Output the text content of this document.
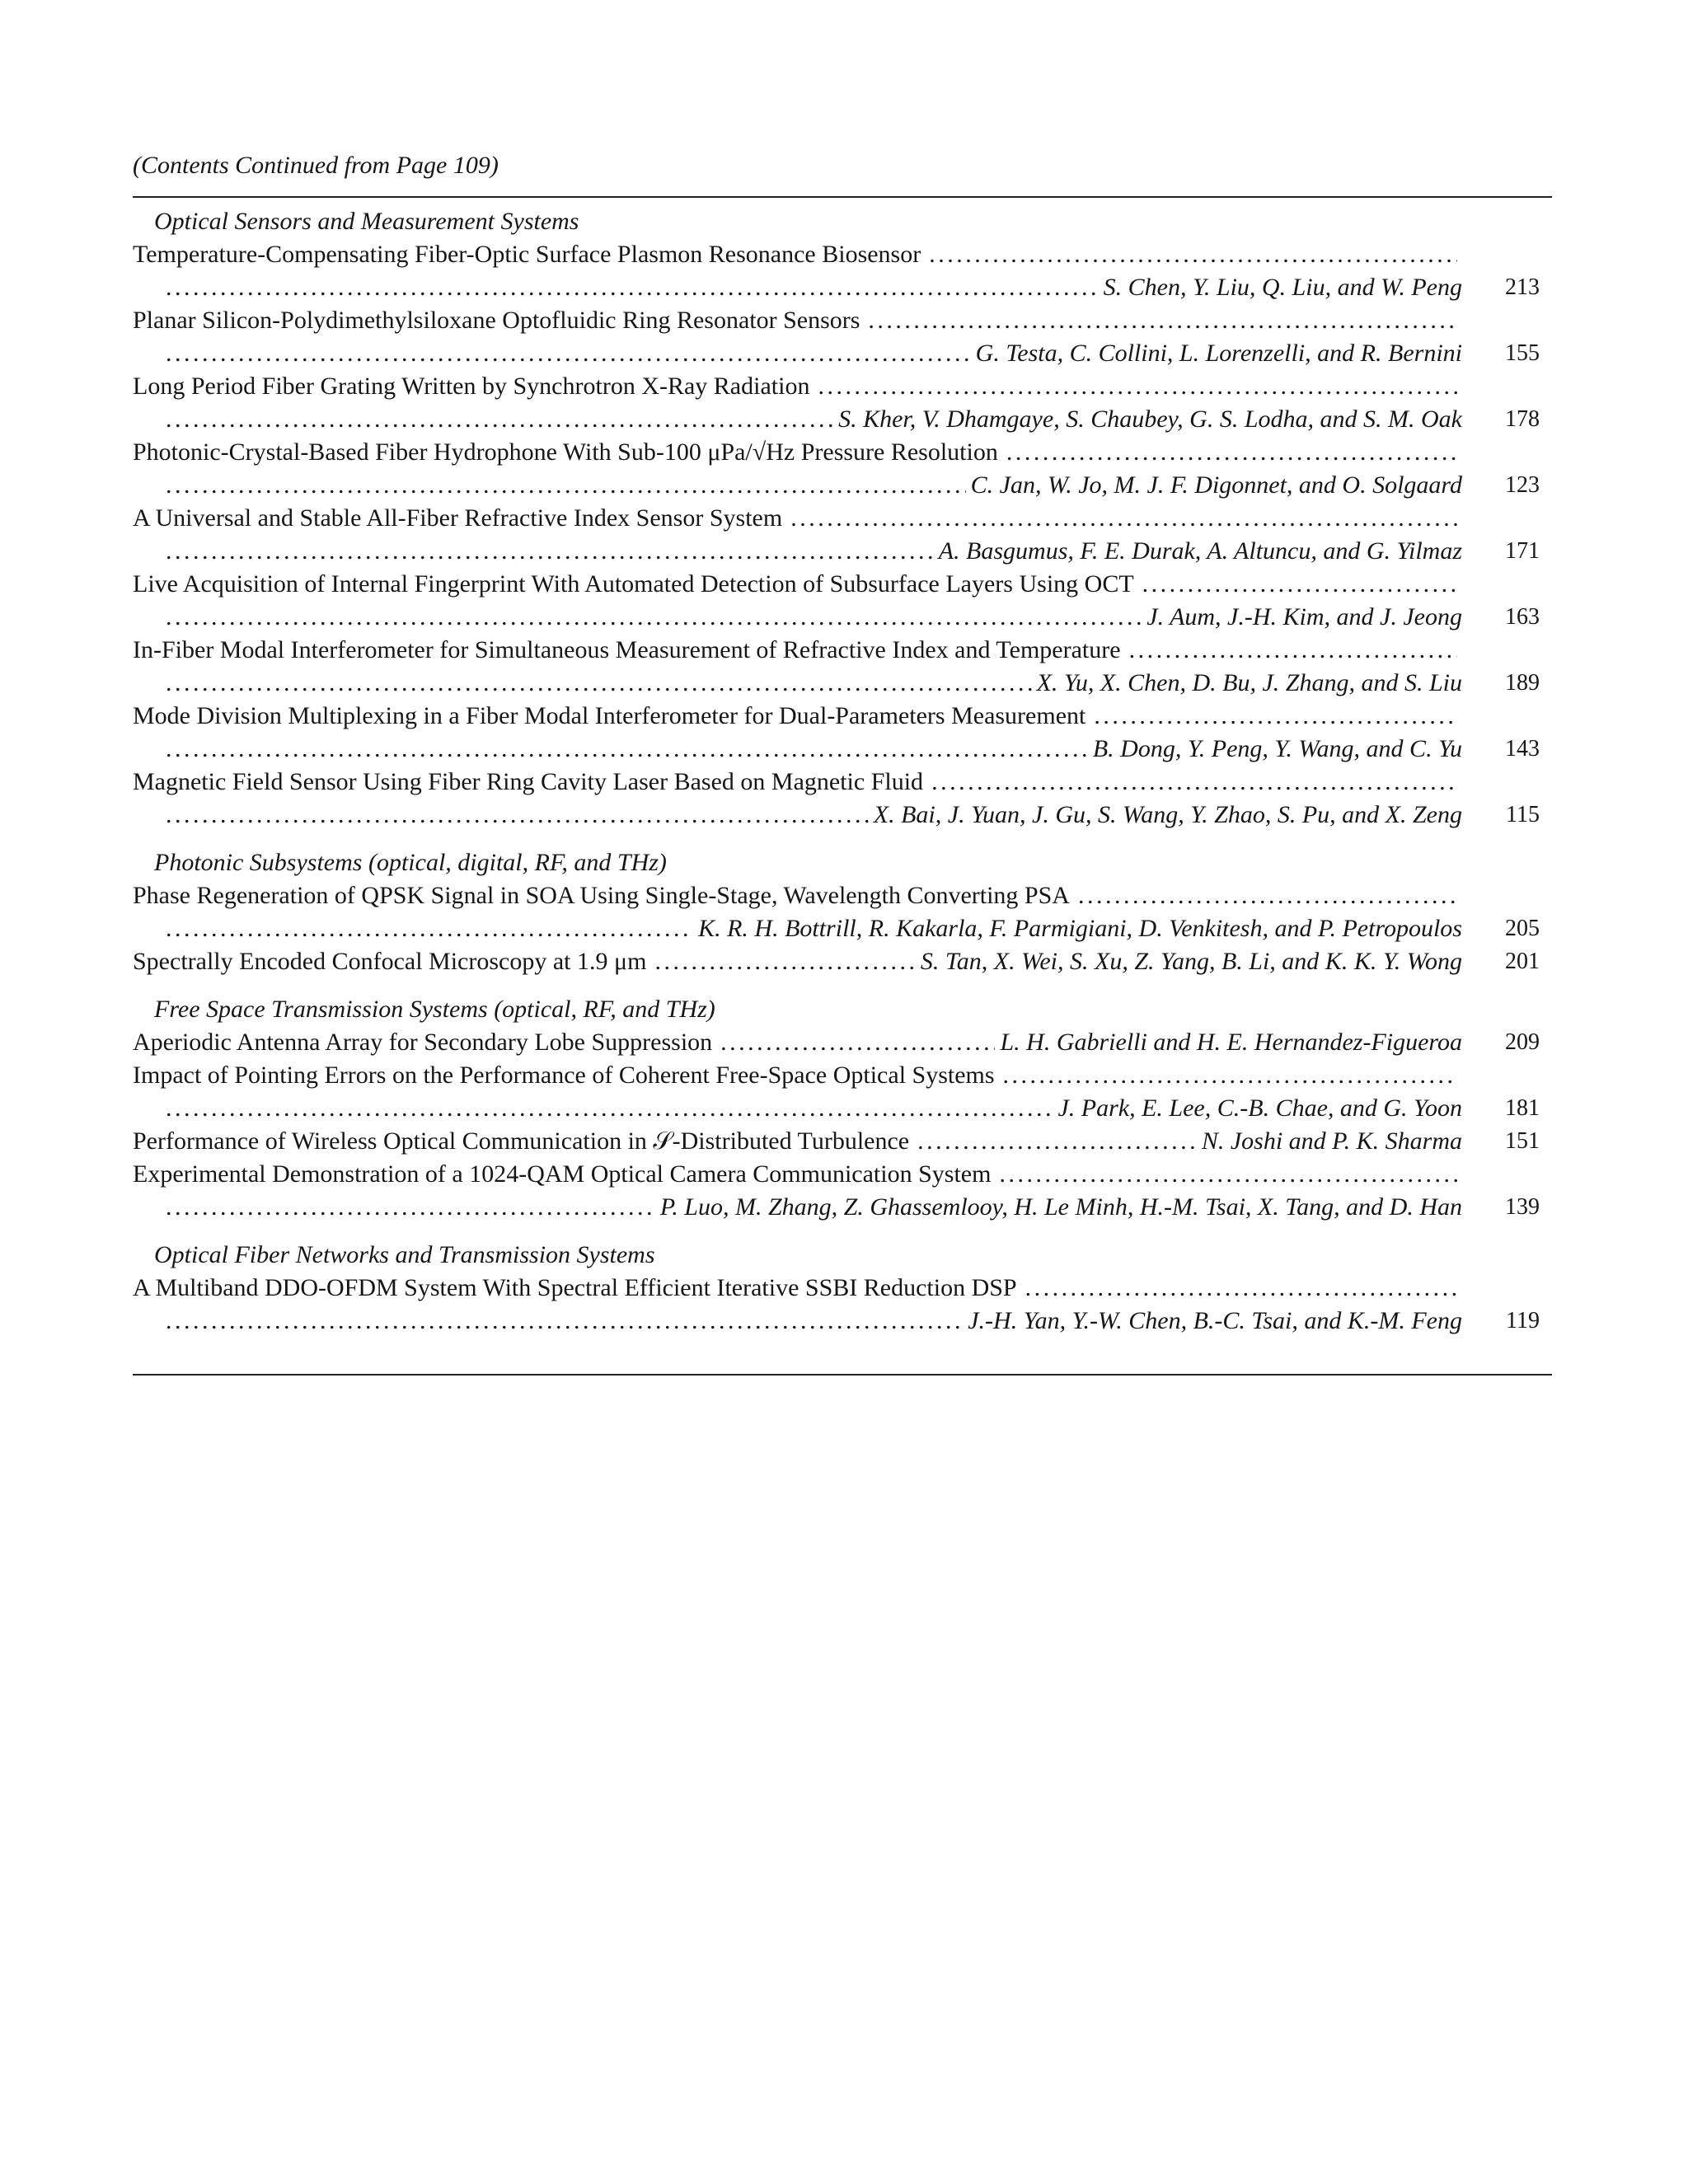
(Contents Continued from Page 109)
Optical Sensors and Measurement Systems
Temperature-Compensating Fiber-Optic Surface Plasmon Resonance Biosensor
. . .
. . .
S. Chen, Y. Liu, Q. Liu, and W. Peng	213
Planar Silicon-Polydimethylsiloxane Optofluidic Ring Resonator Sensors
. . .
. . .
G. Testa, C. Collini, L. Lorenzelli, and R. Bernini	155
Long Period Fiber Grating Written by Synchrotron X-Ray Radiation
. . .
. . .
S. Kher, V. Dhamgaye, S. Chaubey, G. S. Lodha, and S. M. Oak	178
Photonic-Crystal-Based Fiber Hydrophone With Sub-100 μPa/√Hz Pressure Resolution
. . .
. . .
C. Jan, W. Jo, M. J. F. Digonnet, and O. Solgaard	123
A Universal and Stable All-Fiber Refractive Index Sensor System
. . .
. . .
A. Basgumus, F. E. Durak, A. Altuncu, and G. Yilmaz	171
Live Acquisition of Internal Fingerprint With Automated Detection of Subsurface Layers Using OCT
. . .
. . .
J. Aum, J.-H. Kim, and J. Jeong	163
In-Fiber Modal Interferometer for Simultaneous Measurement of Refractive Index and Temperature
. . .
. . .
X. Yu, X. Chen, D. Bu, J. Zhang, and S. Liu	189
Mode Division Multiplexing in a Fiber Modal Interferometer for Dual-Parameters Measurement
. . .
. . .
B. Dong, Y. Peng, Y. Wang, and C. Yu	143
Magnetic Field Sensor Using Fiber Ring Cavity Laser Based on Magnetic Fluid
. . .
. . .
X. Bai, J. Yuan, J. Gu, S. Wang, Y. Zhao, S. Pu, and X. Zeng	115
Photonic Subsystems (optical, digital, RF, and THz)
Phase Regeneration of QPSK Signal in SOA Using Single-Stage, Wavelength Converting PSA
. . .
. . .
K. R. H. Bottrill, R. Kakarla, F. Parmigiani, D. Venkitesh, and P. Petropoulos	205
Spectrally Encoded Confocal Microscopy at 1.9 μm . . .	S. Tan, X. Wei, S. Xu, Z. Yang, B. Li, and K. K. Y. Wong	201
Free Space Transmission Systems (optical, RF, and THz)
Aperiodic Antenna Array for Secondary Lobe Suppression . . .	L. H. Gabrielli and H. E. Hernandez-Figueroa	209
Impact of Pointing Errors on the Performance of Coherent Free-Space Optical Systems
. . .
. . .
J. Park, E. Lee, C.-B. Chae, and G. Yoon	181
Performance of Wireless Optical Communication in 𝒮-Distributed Turbulence . . .	N. Joshi and P. K. Sharma	151
Experimental Demonstration of a 1024-QAM Optical Camera Communication System
. . .
. . .
P. Luo, M. Zhang, Z. Ghassemlooy, H. Le Minh, H.-M. Tsai, X. Tang, and D. Han	139
Optical Fiber Networks and Transmission Systems
A Multiband DDO-OFDM System With Spectral Efficient Iterative SSBI Reduction DSP
. . .
. . .
J.-H. Yan, Y.-W. Chen, B.-C. Tsai, and K.-M. Feng	119
